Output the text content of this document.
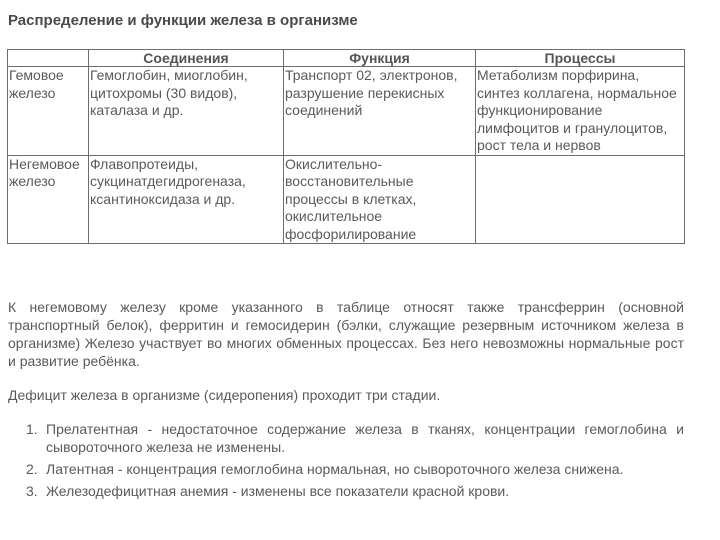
Распределение и функции железа в организме
	Соединения	Функция	Процессы
Гемовое железо	Гемоглобин, миоглобин, цитохромы (30 видов), каталаза и др.	Транспорт 02, электронов, разрушение перекисных соединений	Метаболизм порфирина, синтез коллагена, нормальное функционирование лимфоцитов и гранулоцитов, рост тела и нервов
Негемовое железо	Флавопротеиды, сукцинатдегидрогеназа, ксантиноксидаза и др.	Окислительно-восстановительные процессы в клетках, окислительное фосфорилирование	
К негемовому железу кроме указанного в таблице относят также трансферрин (основной транспортный белок), ферритин и гемосидерин (бэлки, служащие резервным источником железа в организме) Железо участвует во многих обменных процессах. Без него невозможны нормальные рост и развитие ребёнка.
Дефицит железа в организме (сидеропения) проходит три стадии.
1. Прелатентная - недостаточное содержание железа в тканях, концентрации гемоглобина и сывороточного железа не изменены.
2. Латентная - концентрация гемоглобина нормальная, но сывороточного железа снижена.
3. Железодефицитная анемия - изменены все показатели красной крови.
